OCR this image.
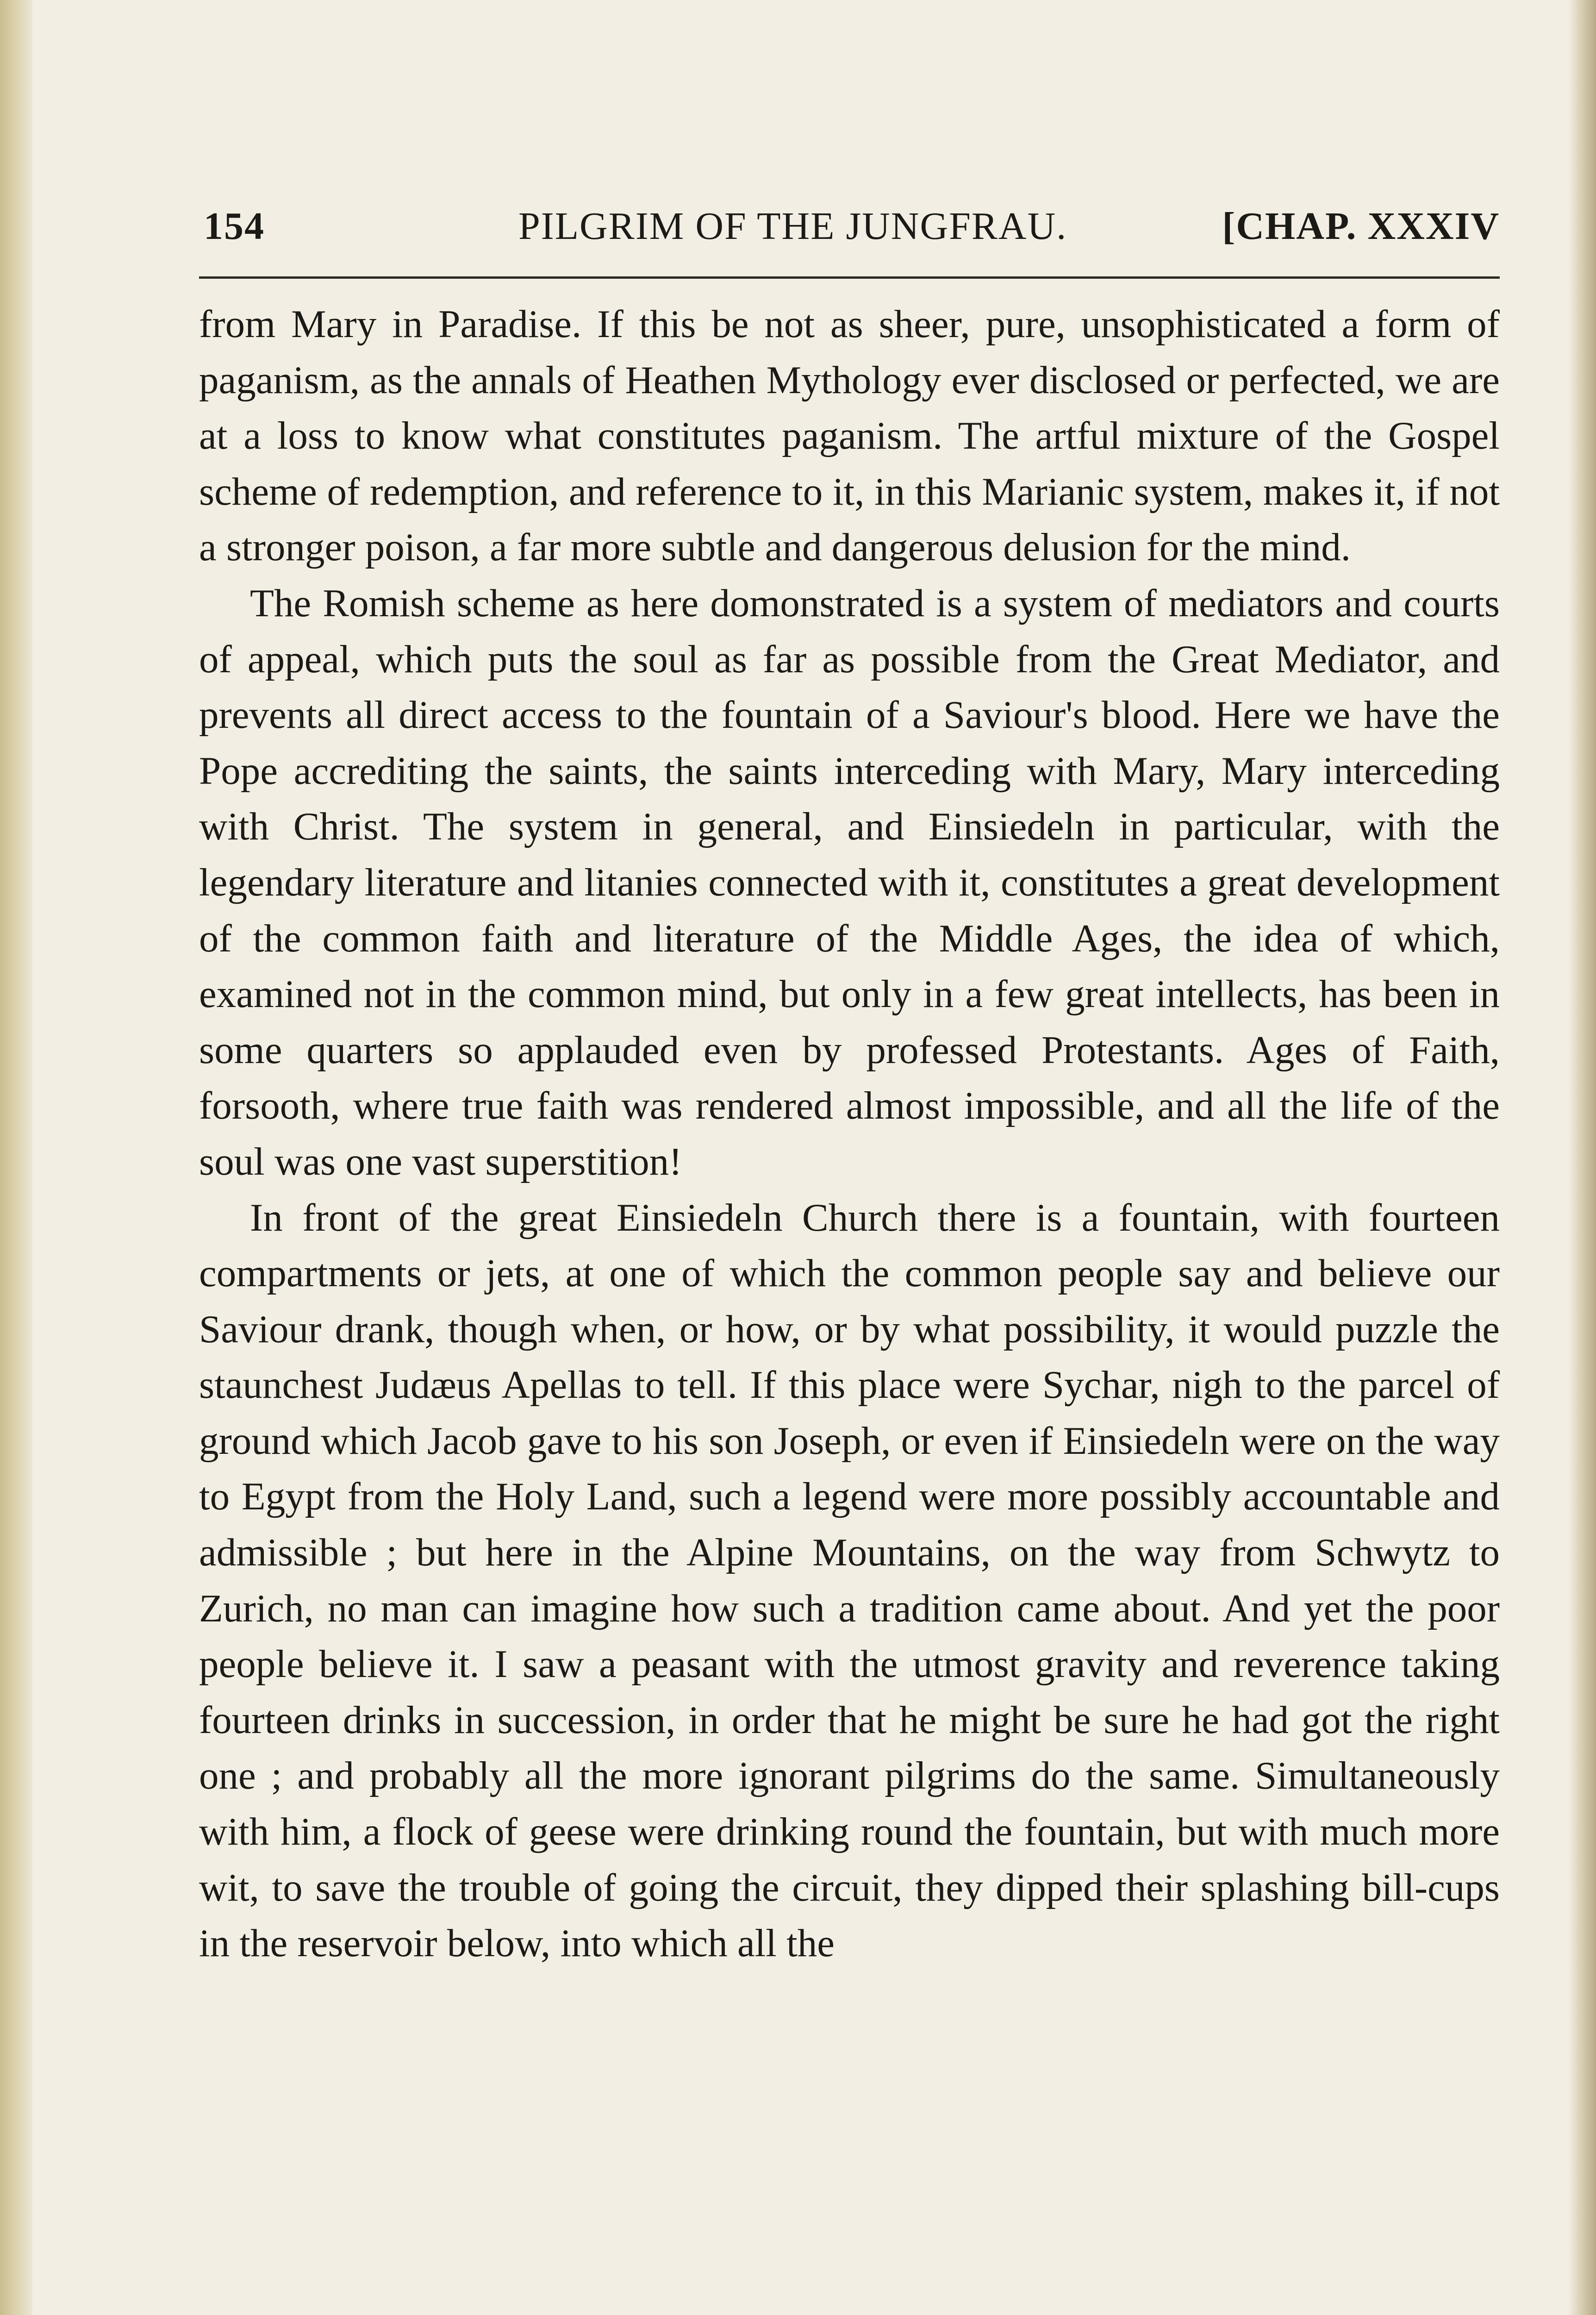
154	PILGRIM OF THE JUNGFRAU.	[CHAP. XXXIV

from Mary in Paradise. If this be not as sheer, pure, unsophisticated a form of paganism, as the annals of Heathen Mythology ever disclosed or perfected, we are at a loss to know what constitutes paganism. The artful mixture of the Gospel scheme of redemption, and reference to it, in this Marianic system, makes it, if not a stronger poison, a far more subtle and dangerous delusion for the mind.

The Romish scheme as here domonstrated is a system of mediators and courts of appeal, which puts the soul as far as possible from the Great Mediator, and prevents all direct access to the fountain of a Saviour's blood. Here we have the Pope accrediting the saints, the saints interceding with Mary, Mary interceding with Christ. The system in general, and Einsiedeln in particular, with the legendary literature and litanies connected with it, constitutes a great development of the common faith and literature of the Middle Ages, the idea of which, examined not in the common mind, but only in a few great intellects, has been in some quarters so applauded even by professed Protestants. Ages of Faith, forsooth, where true faith was rendered almost impossible, and all the life of the soul was one vast superstition!

In front of the great Einsiedeln Church there is a fountain, with fourteen compartments or jets, at one of which the common people say and believe our Saviour drank, though when, or how, or by what possibility, it would puzzle the staunchest Judæus Apellas to tell. If this place were Sychar, nigh to the parcel of ground which Jacob gave to his son Joseph, or even if Einsiedeln were on the way to Egypt from the Holy Land, such a legend were more possibly accountable and admissible ; but here in the Alpine Mountains, on the way from Schwytz to Zurich, no man can imagine how such a tradition came about. And yet the poor people believe it. I saw a peasant with the utmost gravity and reverence taking fourteen drinks in succession, in order that he might be sure he had got the right one ; and probably all the more ignorant pilgrims do the same. Simultaneously with him, a flock of geese were drinking round the fountain, but with much more wit, to save the trouble of going the circuit, they dipped their splashing bill-cups in the reservoir below, into which all the
